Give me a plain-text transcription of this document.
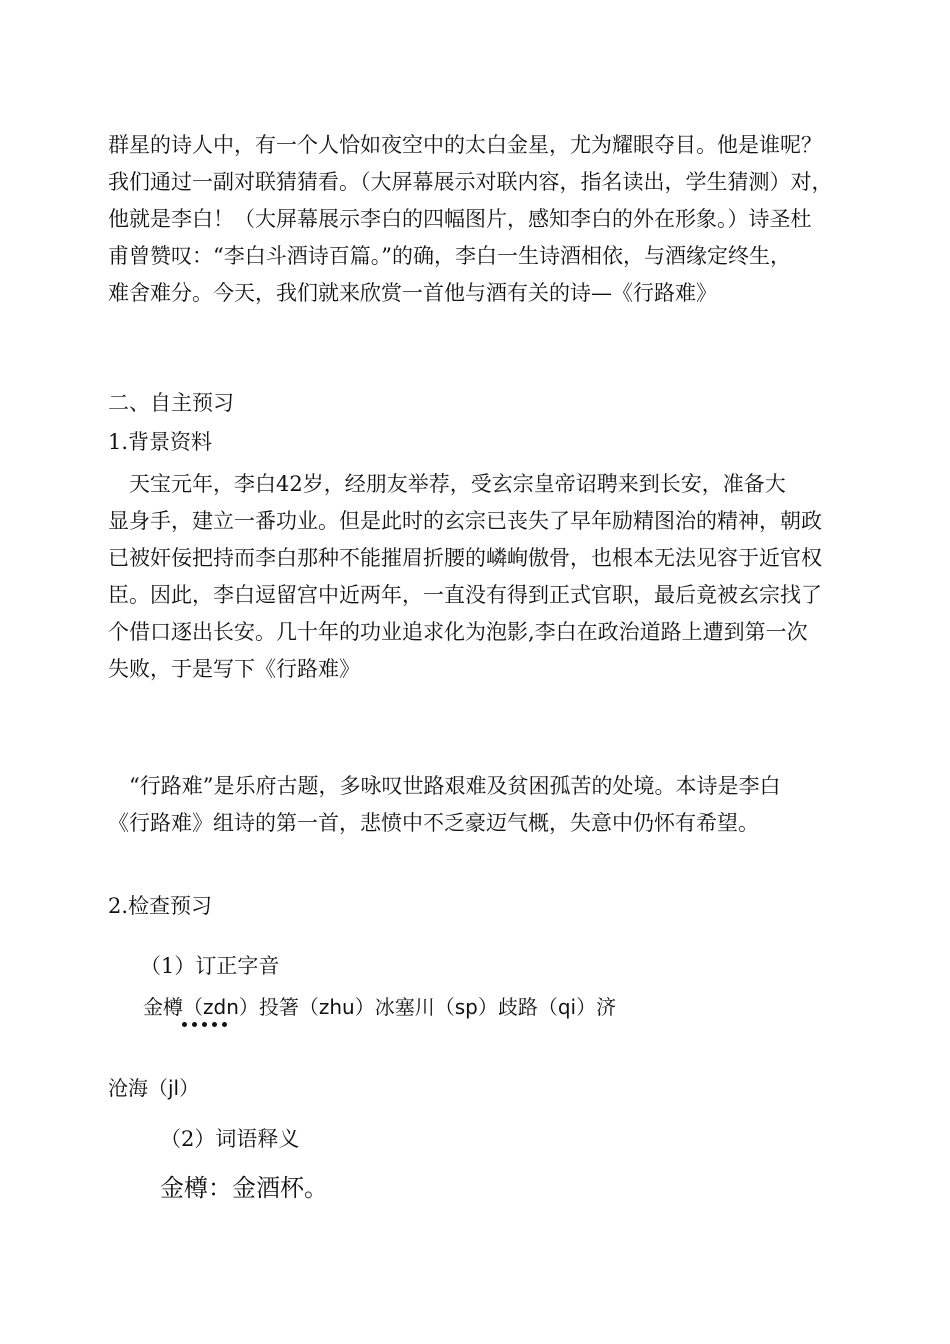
群星的诗人中，有一个人恰如夜空中的太白金星，尤为耀眼夺目。他是谁呢？

我们通过一副对联猜猜看。（大屏幕展示对联内容，指名读出，学生猜测）对，

他就是李白！（大屏幕展示李白的四幅图片，感知李白的外在形象。）诗圣杜

甫曾赞叹：“李白斗酒诗百篇。”的确，李白一生诗酒相依，与酒缘定终生，

难舍难分。今天，我们就来欣赏一首他与酒有关的诗—《行路难》

二、自主预习
1.背景资料

　天宝元年，李白42岁，经朋友举荐，受玄宗皇帝诏聘来到长安，准备大

显身手，建立一番功业。但是此时的玄宗已丧失了早年励精图治的精神，朝政

已被奸佞把持而李白那种不能摧眉折腰的嶙峋傲骨，也根本无法见容于近官权

臣。因此，李白逗留宫中近两年，一直没有得到正式官职，最后竟被玄宗找了

个借口逐出长安。几十年的功业追求化为泡影,李白在政治道路上遭到第一次

失败，于是写下《行路难》

　“行路难”是乐府古题，多咏叹世路艰难及贫困孤苦的处境。本诗是李白

《行路难》组诗的第一首，悲愤中不乏豪迈气概，失意中仍怀有希望。

2.检查预习
（1）订正字音
金樽（zdn）投箸（zhu）冰塞川（sp）歧路（qi）济
沧海（jl）
（2）词语释义
金樽：金酒杯。
